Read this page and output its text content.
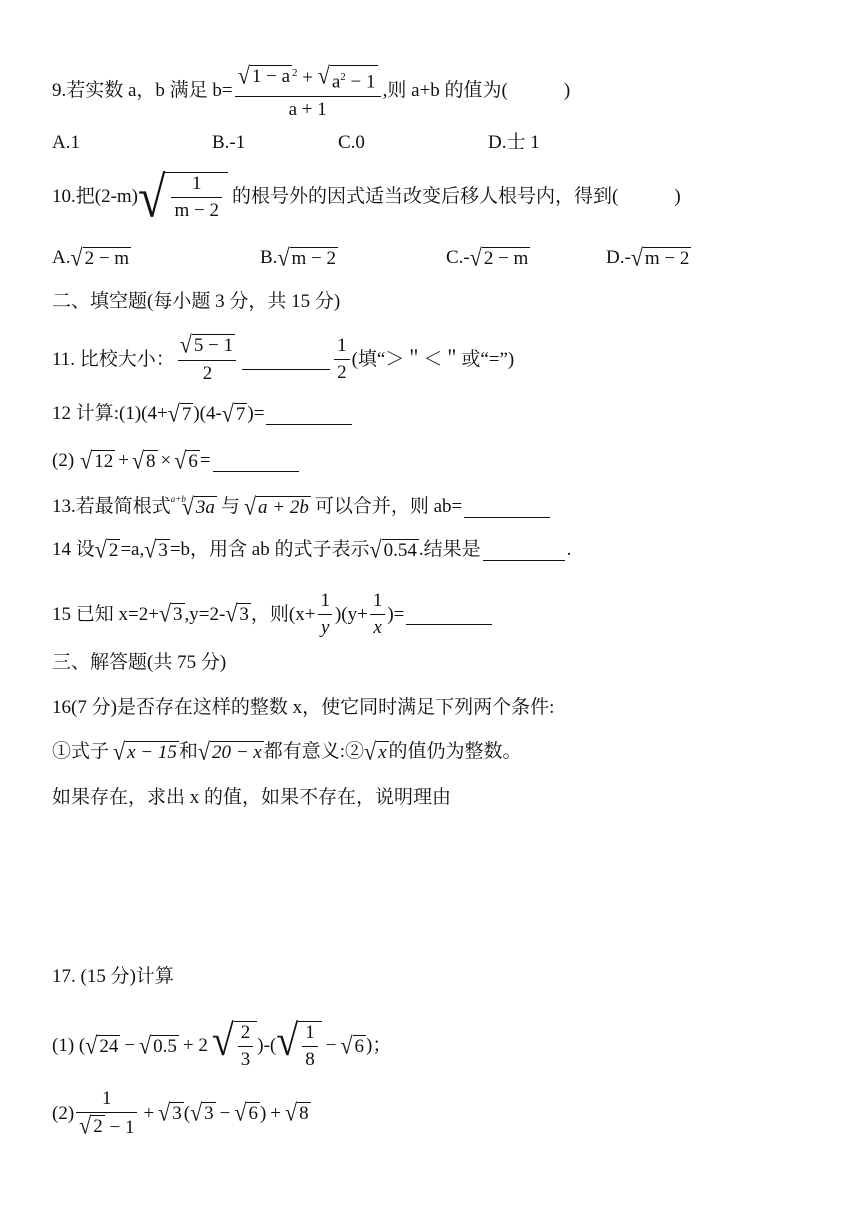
9.若实数 a，b 满足 $b= \frac{√ 1 - a ^2 + √ a^2 - 1}{a + 1}$ ,则 a+b 的值为(	)
A.1	B.-1	C.0	D.士 1
10.把(2-m) √ $\frac{1}{m - 2}$ 的根号外的因式适当改变后移人根号内，得到(	)
A. √ 2 − m	B. √ m − 2	C.- √ 2 − m	D.- √ m − 2
二、填空题(每小题 3 分，共 15 分)
11. 比校大小： $\frac{√ 5 - 1}{2}$	$\frac{1}{2}$ (填“＞＂＜＂或“=”)
12 计算:(1)(4+ √ 7 )(4- √ 7 )=
(2) √ 12 + √ 8 × √ 6 =
13.若最简根式 a+b
√ 3a 与 √ a + 2b 可以合并，则 ab=
14 设 √ 2 =a, √ 3 =b，用含 ab 的式子表示 √ 0.54 .结果是	.
15 已知 x=2+ √ 3 ,y=2- √ 3 ，则$(x+ \frac{1}{y} )(y+ \frac{1}{x}$ )=
三、解答题(共 75 分)
16(7 分)是否存在这样的整数 x，使它同时满足下列两个条件:
①式子 √ x − 15 和 √ 20 − x 都有意义:② √ x 的值仍为整数。
如果存在，求出 x 的值，如果不存在，说明理由
17. (15 分)计算
(1) ( √ 24 − √ 0.5 + 2 √ $\frac{2}{3}$ )-( √ $\frac{1}{8}$ − √ 6 )；
$(2) \frac{1}{√ 2 - 1}$ + √ 3 ( √ 3 − √ 6 ) + √ 8
